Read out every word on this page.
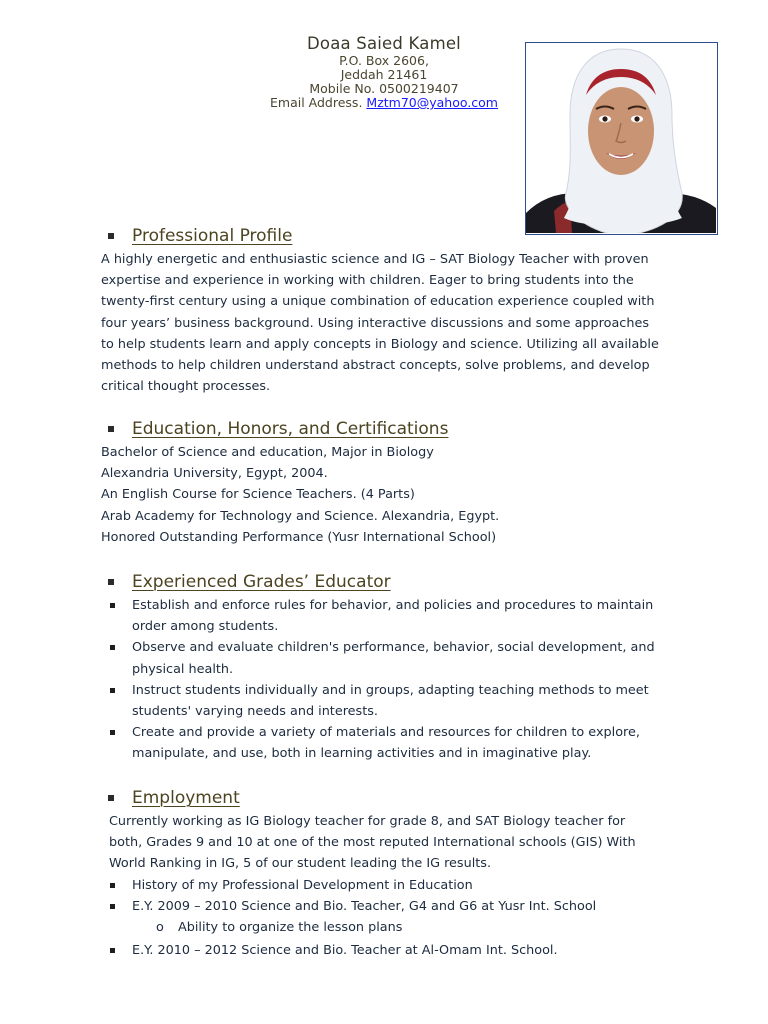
Doaa Saied Kamel
P.O. Box 2606,
Jeddah 21461
Mobile No. 0500219407
Email Address. Mztm70@yahoo.com
Professional Profile
A highly energetic and enthusiastic science and IG – SAT Biology Teacher with proven
expertise and experience in working with children. Eager to bring students into the
twenty-first century using a unique combination of education experience coupled with
four years’ business background. Using interactive discussions and some approaches
to help students learn and apply concepts in Biology and science. Utilizing all available
methods to help children understand abstract concepts, solve problems, and develop
critical thought processes.
Education, Honors, and Certifications
Bachelor of Science and education, Major in Biology
Alexandria University, Egypt, 2004.
An English Course for Science Teachers. (4 Parts)
Arab Academy for Technology and Science. Alexandria, Egypt.
Honored Outstanding Performance (Yusr International School)
Experienced Grades’ Educator
Establish and enforce rules for behavior, and policies and procedures to maintain
order among students.
Observe and evaluate children's performance, behavior, social development, and
physical health.
Instruct students individually and in groups, adapting teaching methods to meet
students' varying needs and interests.
Create and provide a variety of materials and resources for children to explore,
manipulate, and use, both in learning activities and in imaginative play.
Employment
Currently working as IG Biology teacher for grade 8, and SAT Biology teacher for
both, Grades 9 and 10 at one of the most reputed International schools (GIS) With
World Ranking in IG, 5 of our student leading the IG results.
History of my Professional Development in Education
E.Y. 2009 – 2010 Science and Bio. Teacher, G4 and G6 at Yusr Int. School
o Ability to organize the lesson plans
E.Y. 2010 – 2012 Science and Bio. Teacher at Al-Omam Int. School.
